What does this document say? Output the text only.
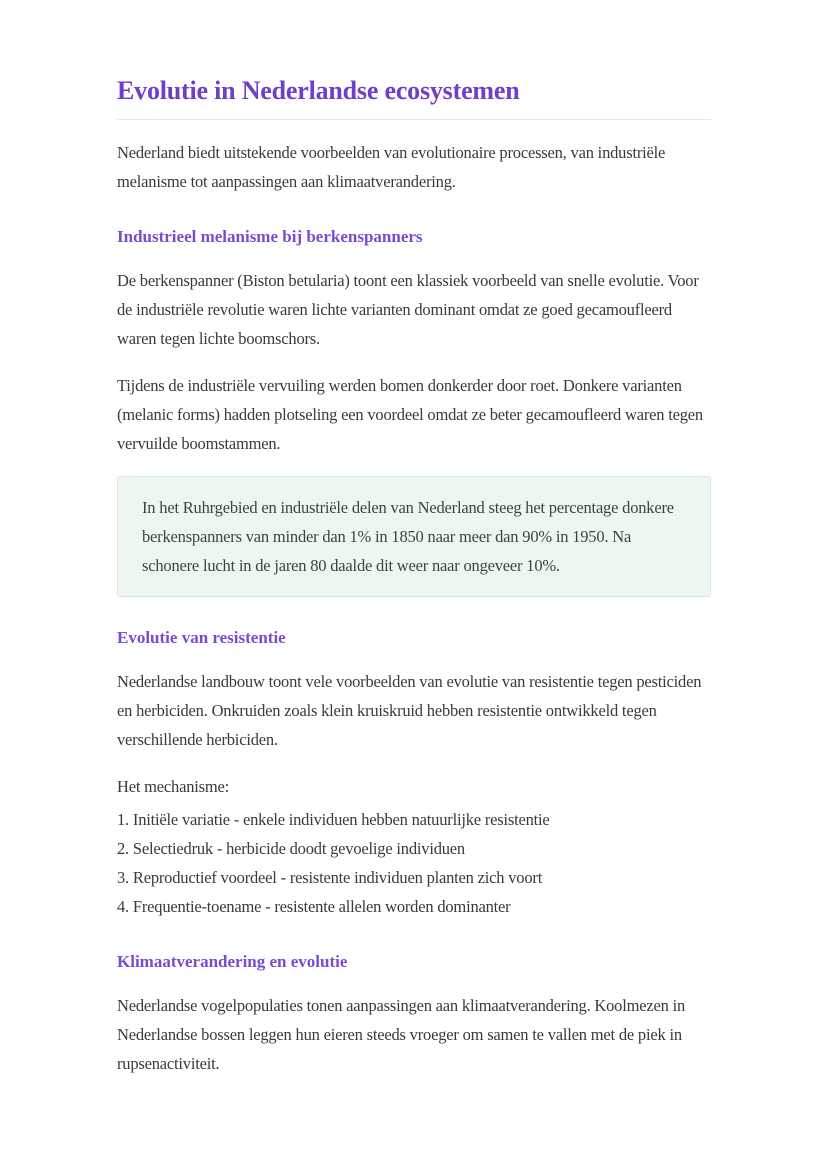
Evolutie in Nederlandse ecosystemen

Nederland biedt uitstekende voorbeelden van evolutionaire processen, van industriële melanisme tot aanpassingen aan klimaatverandering.

Industrieel melanisme bij berkenspanners

De berkenspanner (Biston betularia) toont een klassiek voorbeeld van snelle evolutie. Voor de industriële revolutie waren lichte varianten dominant omdat ze goed gecamoufleerd waren tegen lichte boomschors.

Tijdens de industriële vervuiling werden bomen donkerder door roet. Donkere varianten (melanic forms) hadden plotseling een voordeel omdat ze beter gecamoufleerd waren tegen vervuilde boomstammen.

In het Ruhrgebied en industriële delen van Nederland steeg het percentage donkere berkenspanners van minder dan 1% in 1850 naar meer dan 90% in 1950. Na schonere lucht in de jaren 80 daalde dit weer naar ongeveer 10%.

Evolutie van resistentie

Nederlandse landbouw toont vele voorbeelden van evolutie van resistentie tegen pesticiden en herbiciden. Onkruiden zoals klein kruiskruid hebben resistentie ontwikkeld tegen verschillende herbiciden.

Het mechanisme:

1. Initiële variatie - enkele individuen hebben natuurlijke resistentie
2. Selectiedruk - herbicide doodt gevoelige individuen
3. Reproductief voordeel - resistente individuen planten zich voort
4. Frequentie-toename - resistente allelen worden dominanter
Klimaatverandering en evolutie

Nederlandse vogelpopulaties tonen aanpassingen aan klimaatverandering. Koolmezen in Nederlandse bossen leggen hun eieren steeds vroeger om samen te vallen met de piek in rupsenactiviteit.
